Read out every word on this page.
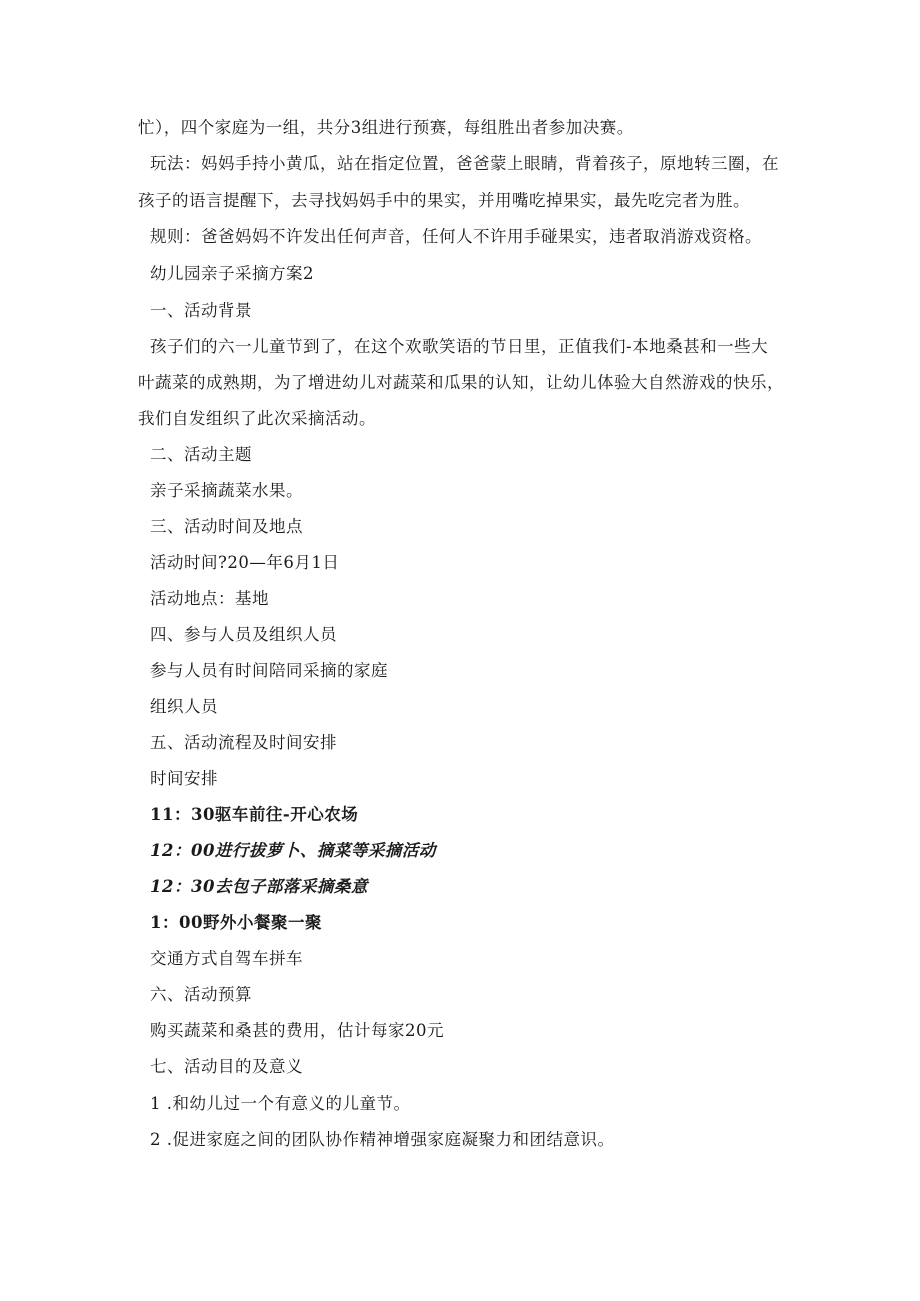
忙），四个家庭为一组，共分3组进行预赛，每组胜出者参加决赛。
玩法：妈妈手持小黄瓜，站在指定位置，爸爸蒙上眼睛，背着孩子，原地转三圈，在
孩子的语言提醒下，去寻找妈妈手中的果实，并用嘴吃掉果实，最先吃完者为胜。
规则：爸爸妈妈不许发出任何声音，任何人不许用手碰果实，违者取消游戏资格。
幼儿园亲子采摘方案2
一、活动背景
孩子们的六一儿童节到了，在这个欢歌笑语的节日里，正值我们-本地桑甚和一些大
叶蔬菜的成熟期，为了增进幼儿对蔬菜和瓜果的认知，让幼儿体验大自然游戏的快乐，
我们自发组织了此次采摘活动。
二、活动主题
亲子采摘蔬菜水果。
三、活动时间及地点
活动时间?20—年6月1日
活动地点：基地
四、参与人员及组织人员
参与人员有时间陪同采摘的家庭
组织人员
五、活动流程及时间安排
时间安排
11：30驱车前往-开心农场
12：00进行拔萝卜、摘菜等采摘活动
12：30去包子部落采摘桑意
1：00野外小餐聚一聚
交通方式自驾车拼车
六、活动预算
购买蔬菜和桑甚的费用，估计每家20元
七、活动目的及意义
1 .和幼儿过一个有意义的儿童节。
2 .促进家庭之间的团队协作精神增强家庭凝聚力和团结意识。
